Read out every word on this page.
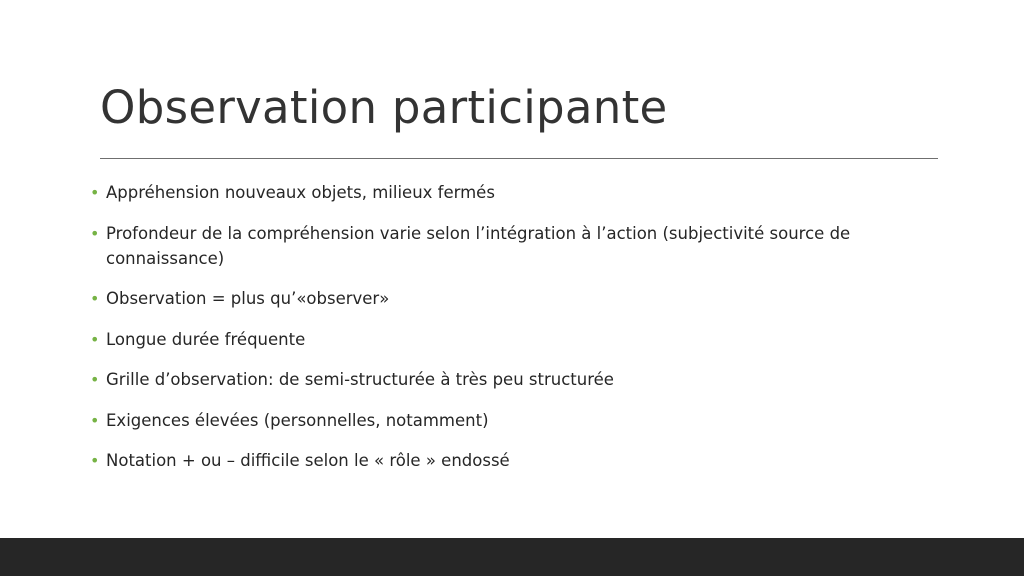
Observation participante
• Appréhension nouveaux objets, milieux fermés
• Profondeur de la compréhension varie selon l’intégration à l’action (subjectivité source de connaissance)
• Observation = plus qu’«observer»
• Longue durée fréquente
• Grille d’observation: de semi-structurée à très peu structurée
• Exigences élevées (personnelles, notamment)
• Notation + ou – difficile selon le « rôle » endossé
